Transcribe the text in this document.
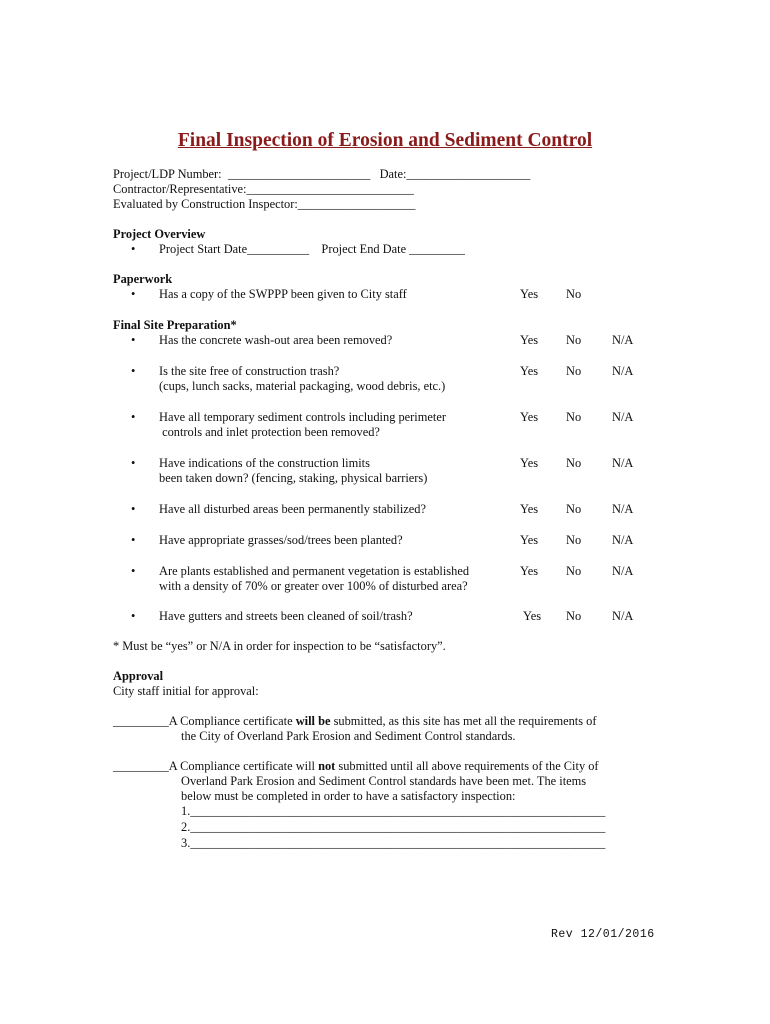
Final Inspection of Erosion and Sediment Control
Project/LDP Number:  _______________________   Date:____________________
Contractor/Representative:___________________________
Evaluated by Construction Inspector:___________________
Project Overview
• Project Start Date__________    Project End Date _________
Paperwork
• Has a copy of the SWPPP been given to City staff	Yes No
Final Site Preparation*
• Has the concrete wash-out area been removed?	Yes No N/A
• Is the site free of construction trash?
(cups, lunch sacks, material packaging, wood debris, etc.)
Yes No N/A
• Have all temporary sediment controls including perimeter
controls and inlet protection been removed?
Yes No N/A
• Have indications of the construction limits
been taken down? (fencing, staking, physical barriers)
Yes No N/A
• Have all disturbed areas been permanently stabilized?	Yes No N/A
• Have appropriate grasses/sod/trees been planted?	Yes No N/A
• Are plants established and permanent vegetation is established
with a density of 70% or greater over 100% of disturbed area?
Yes No N/A
• Have gutters and streets been cleaned of soil/trash?	Yes No N/A
* Must be “yes” or N/A in order for inspection to be “satisfactory”.
Approval
City staff initial for approval:
_________A Compliance certificate will be submitted, as this site has met all the requirements of
the City of Overland Park Erosion and Sediment Control standards.
_________A Compliance certificate will not submitted until all above requirements of the City of
Overland Park Erosion and Sediment Control standards have been met. The items
below must be completed in order to have a satisfactory inspection:
1.___________________________________________________________________
2.___________________________________________________________________
3.___________________________________________________________________
Rev 12/01/2016
